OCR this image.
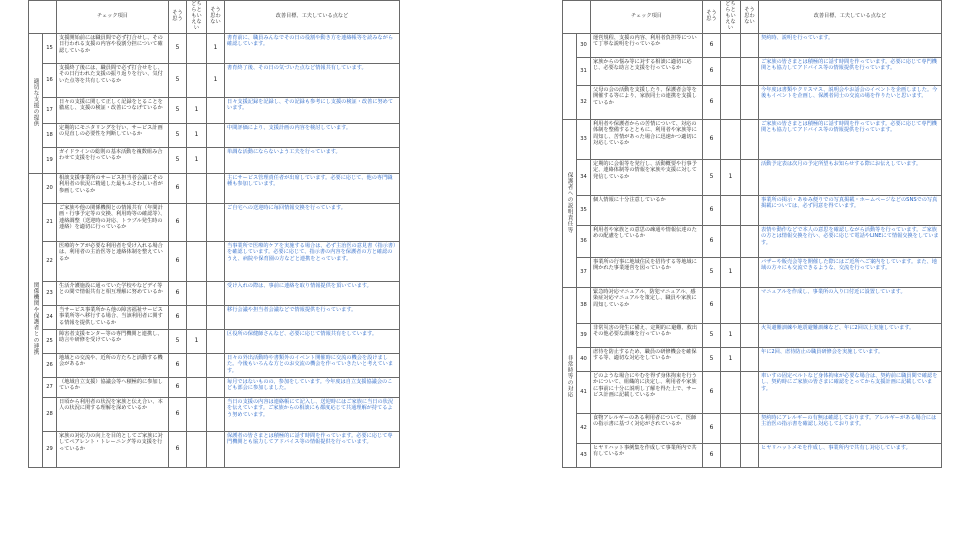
		チェック項目	そう思う	どちらともいえない	そう思わない	改善目標、工夫している点など
適切な支援の提供	15	支援開始前には職員間で必ず打合せし、その日行われる支援の内容や役割分担について確認しているか	5		1	書育前に、職員みんなでその日の役割や動き方を連絡帳等を読みながら確認しています。
	16	支援終了後には、職員間で必ず打合せをし、その日行われた支援の振り返りを行い、気付いた点等を共有しているか	5		1	書育終了後、その日の気づいた点など情報共有しています。
	17	日々の支援に関して正しく記録をとることを徹底し、支援の検証・改善につなげているか	5	1		日々支援記録を記録し、その記録も参考にし支援の検証・改善に努めています。
	18	定期的にモニタリングを行い、サービス計画の見直しの必要性を判断しているか	5	1		中間評価により、支援計画の内容を検討しています。
	19	ガイドラインの総則の基本活動を複数組み合わせて支援を行っているか	5	1		単調な活動にならないよう工夫を行っています。
関係機関や保護者との連携	20	相談支援事業所のサービス担当者会議にその利用者の状況に精通した最もふさわしい者が参画しているか	6			主にサービス管理責任者が出席しています。必要に応じて、他の専門職種も参加しています。
	21	ご家族や他の関係機関との情報共有（年間計画・行事予定等の交換、利用時等の確認等）、連絡調整（送迎時の対応、トラブル発生時の連絡）を適切に行っているか	6			ご自宅への送迎時に毎回情報交換を行っています。
	22	医療的ケアが必要な利用者を受け入れる場合は、利用者の主治医等と連絡体制を整えているか	6			当事業所で医療的ケアを実施する場合は、必ず主治医の意見書（指示書）を確認しています。必要に応じて、指示書の内容を保護者の方と確認のうえ、病院や保育園の方などと連携をとっています。
	23	生活介護施設に通っていた学校やなどデイ等との間で情報共有と相互理解に努めているか	6			受け入れの際は、事前に連絡を取り情報提供を頂いています。
	24	当サービス事業所から他の障害福祉サービス事業所等へ移行する場合、当該利用者に関する情報を提供しているか	6			移行会議や担当者会議などで情報提供を行っています。
	25	障害者支援センター等の専門機関と連携し、助言や研修を受けているか	5	1		区役所の保健師さんなど、必要に応じて情報共有をしています。
	26	地域との交流や、近所の方たちと活動する機会があるか	6			日々の外出活動時や書類外のイベント開催時に交流の機会を設けました。今後もいろんな方とのお交流の機会を作っていきたいと考えています。
	27	（地域自立支援）協議会等へ積極的に参加しているか	6			毎月ではないものの、参加をしています。今年度は自立支援協議会のこども部会に参加しました。
	28	日頃から利用者の状況を家族と伝え合い、本人の状況に関する理解を深めているか	6			当日の支援の内容は連絡帳にて記入し、送迎時にはご家族に当日の状況を伝えています。ご家族からの相談にも都度応じて共通理解が持てるよう努めています。
	29	家族の対応力の向上を目的としてご家族に対してペアレント・トレーニング等の支援を行っているか	6			保護者の皆さまとは積極的に話す時間を作っています。必要に応じて専門機関とも協力してアドバイス等の情報提供を行っています。
		チェック項目	そう思う	どちらともいえない	そう思わない	改善目標、工夫している点など
	30	運営規程、支援の内容、利用者負担等について丁寧な説明を行っているか	6			契約時、説明を行っています。
	31	家族からの悩み等に対する相談に適切に応じ、必要な助言と支援を行っているか	6			ご家族の皆さまとは積極的に話す時間を作っています。必要に応じて専門機関とも協力してアドバイス等の情報提供を行っています。
	32	父母の会の活動を支援したり、保護者会等を開催する等により、家族同士の連携を支援しているか	6			今年度は書類やクリスマス、説明会やお話会のイベントを企画しました。今後もイベントを企画し、保護者同士の交流の場を作りたいと思います。
保護者への説明責任等	33	利用者や保護者からの苦情について、対応の体制を整備するとともに、利用者や家族等に周知し、苦情があった場合に迅速かつ適切に対応しているか	6			ご家族の皆さまとは積極的に話す時間を作っています。必要に応じて専門機関とも協力してアドバイス等の情報提供を行っています。
	34	定期的に会報等を発行し、活動概要や行事予定、連絡体制等の情報を家族や支援に対して発信しているか	5	1		活動予定表は次月の予定所望もお知らせする際にお伝えしています。
	35	個人情報に十分注意しているか	6			事業所の掲示・あゆみ便りでの写真掲載・ホームページなどのSNSでの写真掲載については、必ず同意を得ています。
	36	利用者や家族との意思の疎通や情報伝達のための配慮をしているか	6			表情や動作などで本人の意思を確認しながら活動等を行っています。ご家族の方とは情報交換を行い、必要に応じて電話やLINEにて情報交換をしています。
	37	事業所の行事に地域住民を招待する等地域に開かれた事業運営を図っているか	5	1		バザーや販売会等を開催した際にはご近所へご案内をしています。また、地域の方々にも交流できるような、交流を行っています。
非常時等の対応	38	緊急時対応マニュアル、防犯マニュアル、感染症対応マニュアルを策定し、職員や家族に周知しているか	6			マニュアルを作成し、事業所の入り口付近に設置しています。
	39	非常災害の発生に備え、定期的に避難、救出その他必要な訓練を行っているか	5	1		火災避難訓練や地震避難訓練など、年に2回以上実施しています。
	40	虐待を防止するため、職員の研修機会を確保する等、適切な対応をしているか	5	1		年に2回、虐待防止の職員研修会を実施しています。
	41	どのような場合にやむを得ず身体拘束を行うかについて、組織的に決定し、利用者や家族に事前に十分に説明し了解を得た上で、サービス計画に記載しているか	6			車いすの固定ベルトなど身体拘束が必要な場合は、契約前に職員間で確認をし、契約時にご家族の皆さまに確認をとってから支援計画に記載しています。
	42	食物アレルギーのある利用者について、医師の指示書に基づく対応がされているか	6			契約時にアレルギーの有無は確認しております。アレルギーがある場合には主治医の指示書を確認し対応しております。
	43	ヒヤリハット事例集を作成して事業所内で共有しているか	6			ヒヤリハットメモを作成し、事業所内で共有し対応しています。
